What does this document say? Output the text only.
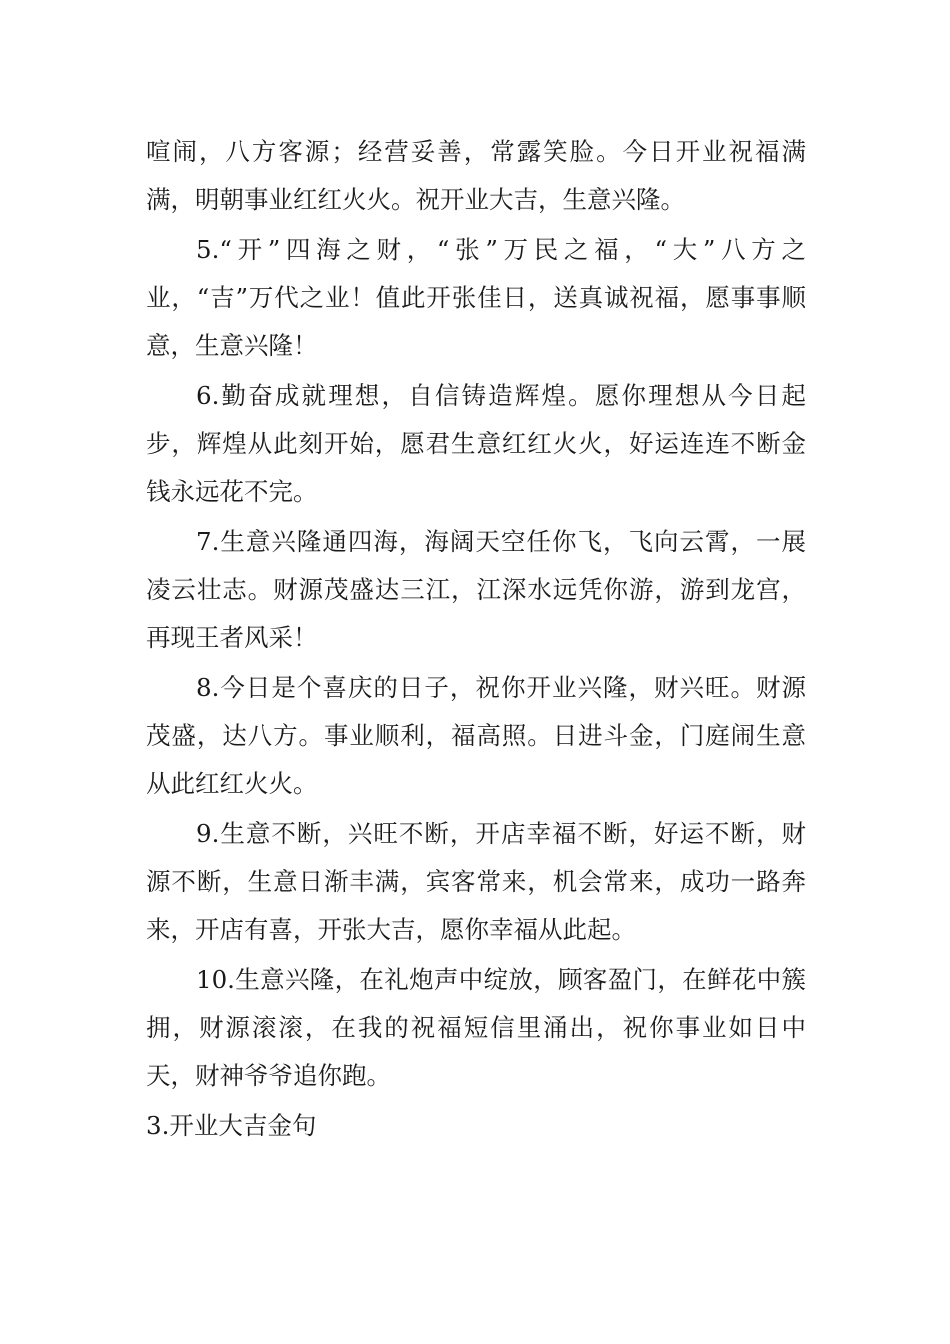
喧闹，八方客源；经营妥善，常露笑脸。今日开业祝福满满，明朝事业红红火火。祝开业大吉，生意兴隆。

5.“开”四海之财，“张”万民之福，“大”八方之业，“吉”万代之业！值此开张佳日，送真诚祝福，愿事事顺意，生意兴隆！

6.勤奋成就理想，自信铸造辉煌。愿你理想从今日起步，辉煌从此刻开始，愿君生意红红火火，好运连连不断金钱永远花不完。

7.生意兴隆通四海，海阔天空任你飞，飞向云霄，一展凌云壮志。财源茂盛达三江，江深水远凭你游，游到龙宫，再现王者风采！

8.今日是个喜庆的日子，祝你开业兴隆，财兴旺。财源茂盛，达八方。事业顺利，福高照。日进斗金，门庭闹生意从此红红火火。

9.生意不断，兴旺不断，开店幸福不断，好运不断，财源不断，生意日渐丰满，宾客常来，机会常来，成功一路奔来，开店有喜，开张大吉，愿你幸福从此起。

10.生意兴隆，在礼炮声中绽放，顾客盈门，在鲜花中簇拥，财源滚滚，在我的祝福短信里涌出，祝你事业如日中天，财神爷爷追你跑。

3.开业大吉金句
